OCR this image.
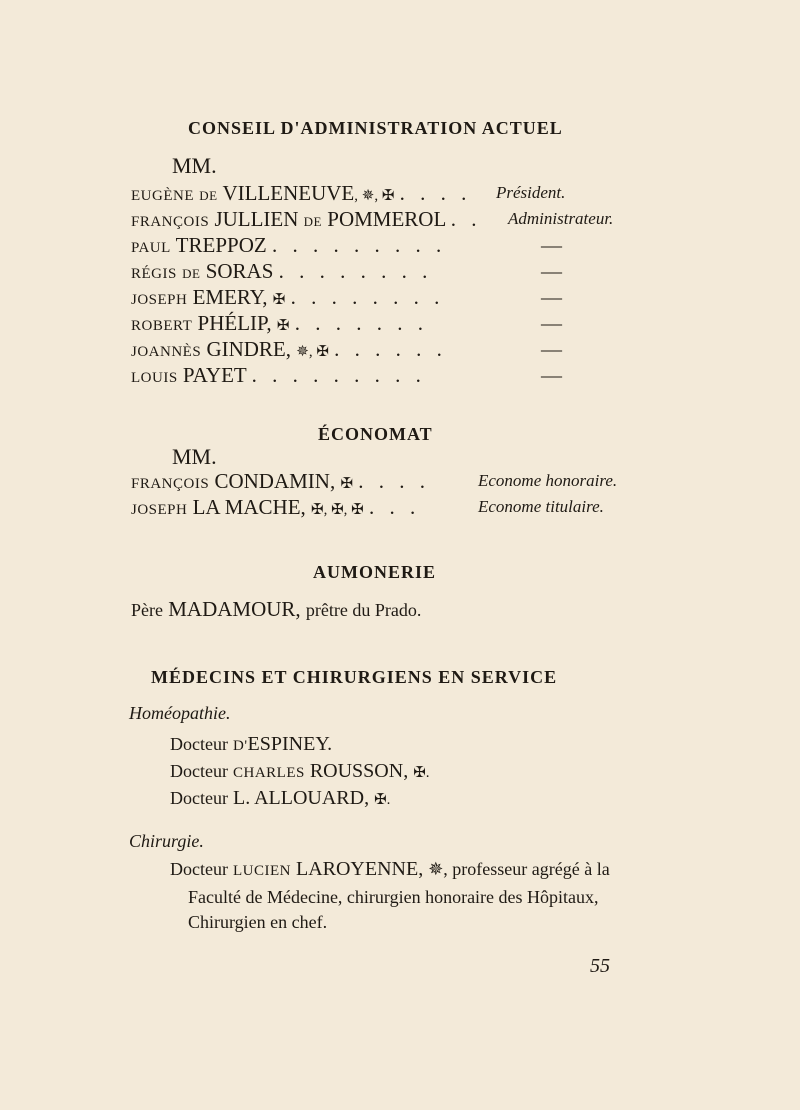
CONSEIL D'ADMINISTRATION ACTUEL
MM.
EUGÈNE DE VILLENEUVE, ✵, ✠ . . . . Président.
FRANÇOIS JULLIEN DE POMMEROL . . Administrateur.
PAUL TREPPOZ . . . . . . . . .	—
RÉGIS DE SORAS . . . . . . . .	—
JOSEPH EMERY, ✠ . . . . . . . .	—
ROBERT PHÉLIP, ✠ . . . . . . .	—
JOANNÈS GINDRE, ✵, ✠ . . . . . .	—
LOUIS PAYET . . . . . . . . .	—
ÉCONOMAT
MM.
FRANÇOIS CONDAMIN, ✠ . . . .	Econome honoraire.
JOSEPH LA MACHE, ✠, ✠, ✠ . . .	Econome titulaire.
AUMONERIE
Père MADAMOUR, prêtre du Prado.
MÉDECINS ET CHIRURGIENS EN SERVICE
Homéopathie.
Docteur D'ESPINEY.
Docteur CHARLES ROUSSON, ✠.
Docteur L. ALLOUARD, ✠.
Chirurgie.
Docteur LUCIEN LAROYENNE, ✵, professeur agrégé à la
Faculté de Médecine, chirurgien honoraire des Hôpitaux,
Chirurgien en chef.
55
